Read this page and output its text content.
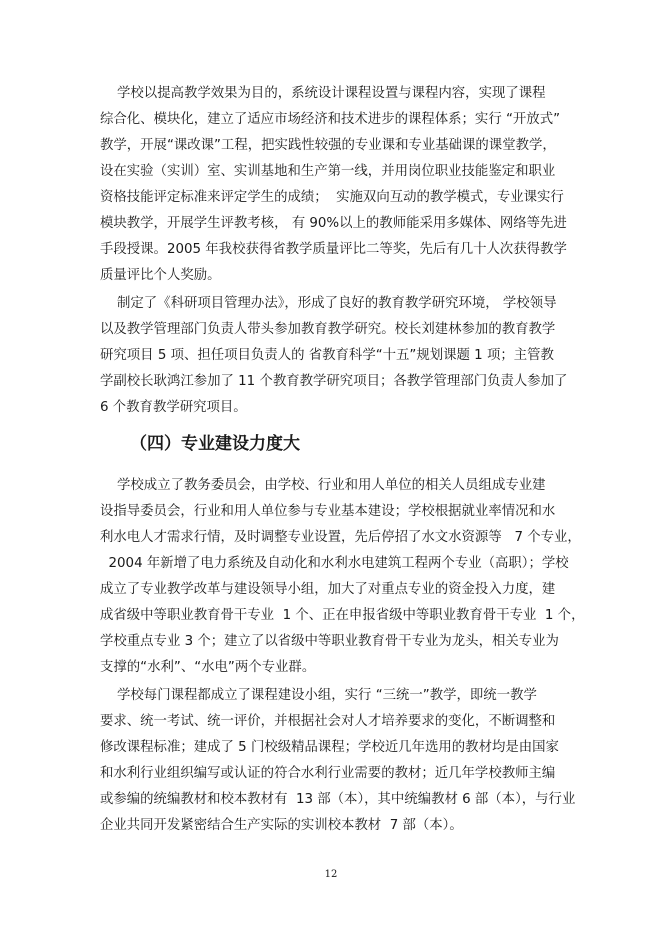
学校以提高教学效果为目的，系统设计课程设置与课程内容，实现了课程
综合化、模块化，建立了适应市场经济和技术进步的课程体系；实行 “开放式”
教学，开展“课改课”工程，把实践性较强的专业课和专业基础课的课堂教学，
设在实验（实训）室、实训基地和生产第一线，并用岗位职业技能鉴定和职业
资格技能评定标准来评定学生的成绩；  实施双向互动的教学模式，专业课实行
模块教学，开展学生评教考核， 有 90%以上的教师能采用多媒体、网络等先进
手段授课。2005 年我校获得省教学质量评比二等奖，先后有几十人次获得教学
质量评比个人奖励。
制定了《科研项目管理办法》，形成了良好的教育教学研究环境， 学校领导
以及教学管理部门负责人带头参加教育教学研究。校长刘建林参加的教育教学
研究项目 5 项、担任项目负责人的 省教育科学“十五”规划课题 1 项；主管教
学副校长耿鸿江参加了 11 个教育教学研究项目；各教学管理部门负责人参加了
6 个教育教学研究项目。
（四）专业建设力度大
学校成立了教务委员会，由学校、行业和用人单位的相关人员组成专业建
设指导委员会，行业和用人单位参与专业基本建设；学校根据就业率情况和水
利水电人才需求行情，及时调整专业设置，先后停招了水文水资源等   7 个专业，
2004 年新增了电力系统及自动化和水利水电建筑工程两个专业（高职）；学校
成立了专业教学改革与建设领导小组，加大了对重点专业的资金投入力度，建
成省级中等职业教育骨干专业  1 个、正在申报省级中等职业教育骨干专业  1 个，
学校重点专业 3 个；建立了以省级中等职业教育骨干专业为龙头，相关专业为
支撑的“水利”、“水电”两个专业群。
学校每门课程都成立了课程建设小组，实行 “三统一”教学，即统一教学
要求、统一考试、统一评价，并根据社会对人才培养要求的变化，不断调整和
修改课程标准；建成了 5 门校级精品课程；学校近几年选用的教材均是由国家
和水利行业组织编写或认证的符合水利行业需要的教材；近几年学校教师主编
或参编的统编教材和校本教材有  13 部（本），其中统编教材 6 部（本），与行业
企业共同开发紧密结合生产实际的实训校本教材  7 部（本）。
12
